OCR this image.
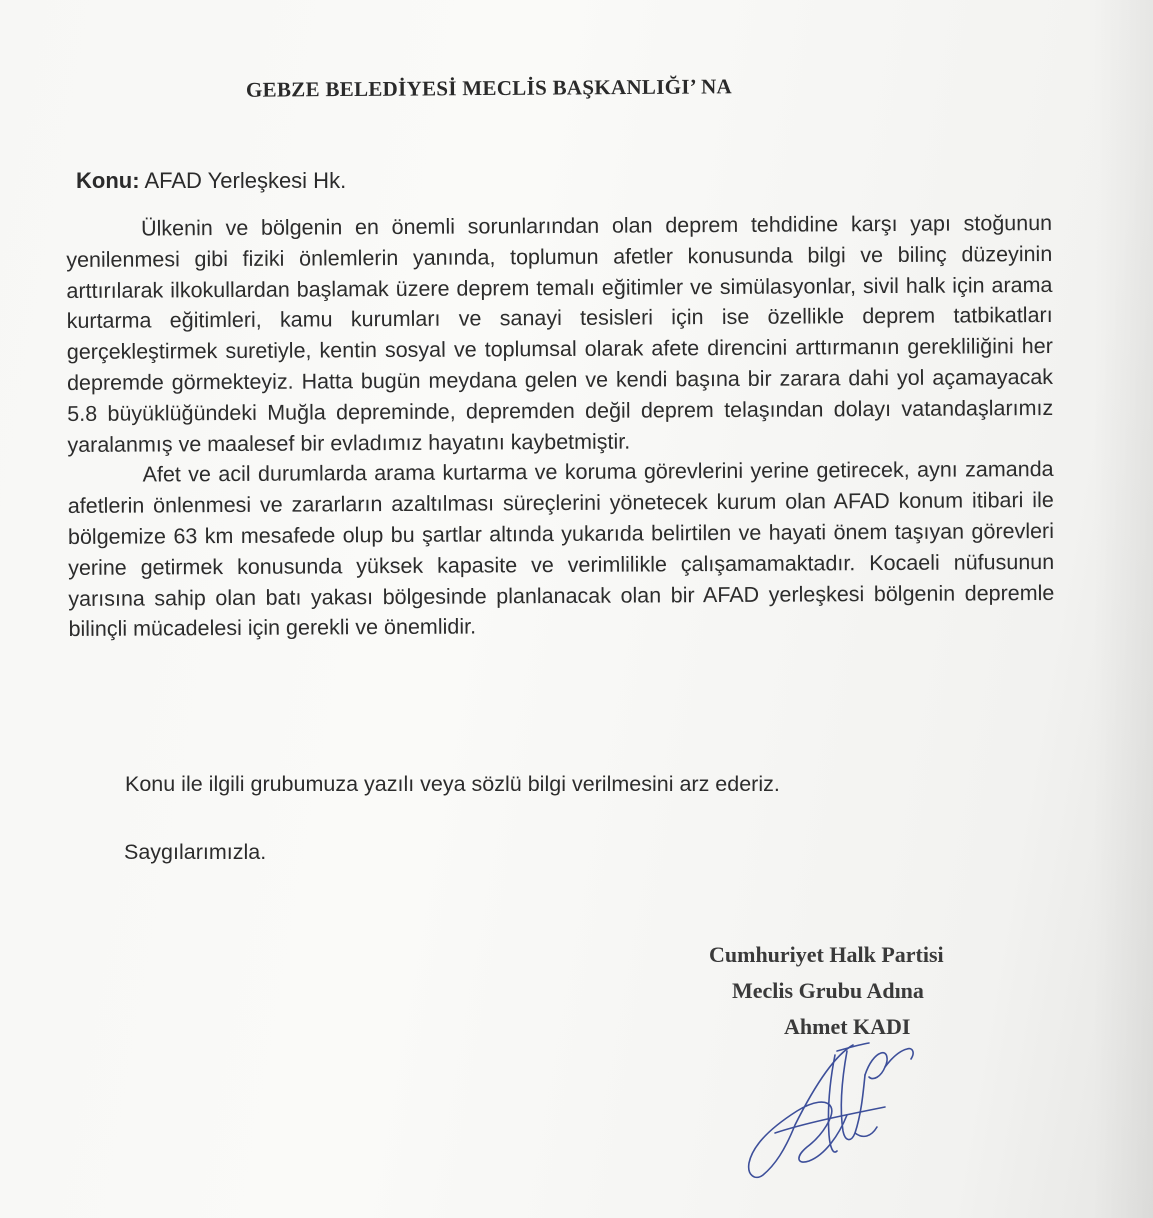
GEBZE BELEDİYESİ MECLİS BAŞKANLIĞI’ NA
Konu: AFAD Yerleşkesi Hk.

Ülkenin ve bölgenin en önemli sorunlarından olan deprem tehdidine karşı yapı stoğunun yenilenmesi gibi fiziki önlemlerin yanında, toplumun afetler konusunda bilgi ve bilinç düzeyinin arttırılarak ilkokullardan başlamak üzere deprem temalı eğitimler ve simülasyonlar, sivil halk için arama kurtarma eğitimleri, kamu kurumları ve sanayi tesisleri için ise özellikle deprem tatbikatları gerçekleştirmek suretiyle, kentin sosyal ve toplumsal olarak afete direncini arttırmanın gerekliliğini her depremde görmekteyiz. Hatta bugün meydana gelen ve kendi başına bir zarara dahi yol açamayacak 5.8 büyüklüğündeki Muğla depreminde, depremden değil deprem telaşından dolayı vatandaşlarımız yaralanmış ve maalesef bir evladımız hayatını kaybetmiştir.

Afet ve acil durumlarda arama kurtarma ve koruma görevlerini yerine getirecek, aynı zamanda afetlerin önlenmesi ve zararların azaltılması süreçlerini yönetecek kurum olan AFAD konum itibari ile bölgemize 63 km mesafede olup bu şartlar altında yukarıda belirtilen ve hayati önem taşıyan görevleri yerine getirmek konusunda yüksek kapasite ve verimlilikle çalışamamaktadır. Kocaeli nüfusunun yarısına sahip olan batı yakası bölgesinde planlanacak olan bir AFAD yerleşkesi bölgenin depremle bilinçli mücadelesi için gerekli ve önemlidir.

Konu ile ilgili grubumuza yazılı veya sözlü bilgi verilmesini arz ederiz.
Saygılarımızla.
Cumhuriyet Halk Partisi
Meclis Grubu Adına
Ahmet KADI
